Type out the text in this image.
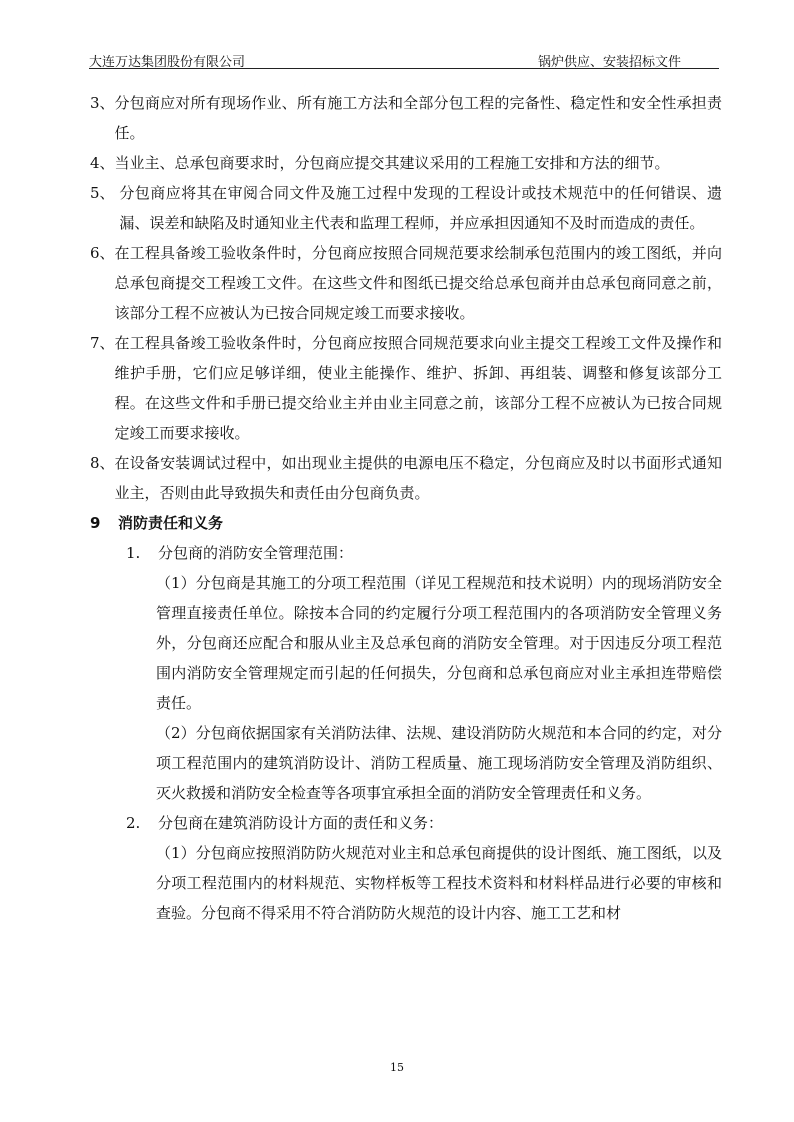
大连万达集团股份有限公司	锅炉供应、安装招标文件
3、 分包商应对所有现场作业、所有施工方法和全部分包工程的完备性、稳定性和安全性承担责任。
4、 当业主、总承包商要求时，分包商应提交其建议采用的工程施工安排和方法的细节。
5、 分包商应将其在审阅合同文件及施工过程中发现的工程设计或技术规范中的任何错误、遗漏、误差和缺陷及时通知业主代表和监理工程师，并应承担因通知不及时而造成的责任。
6、 在工程具备竣工验收条件时，分包商应按照合同规范要求绘制承包范围内的竣工图纸，并向总承包商提交工程竣工文件。在这些文件和图纸已提交给总承包商并由总承包商同意之前，该部分工程不应被认为已按合同规定竣工而要求接收。
7、 在工程具备竣工验收条件时，分包商应按照合同规范要求向业主提交工程竣工文件及操作和维护手册，它们应足够详细，使业主能操作、维护、拆卸、再组装、调整和修复该部分工程。在这些文件和手册已提交给业主并由业主同意之前，该部分工程不应被认为已按合同规定竣工而要求接收。
8、 在设备安装调试过程中，如出现业主提供的电源电压不稳定，分包商应及时以书面形式通知业主，否则由此导致损失和责任由分包商负责。
9 消防责任和义务
1.	分包商的消防安全管理范围：

（1）分包商是其施工的分项工程范围（详见工程规范和技术说明）内的现场消防安全管理直接责任单位。除按本合同的约定履行分项工程范围内的各项消防安全管理义务外，分包商还应配合和服从业主及总承包商的消防安全管理。对于因违反分项工程范围内消防安全管理规定而引起的任何损失，分包商和总承包商应对业主承担连带赔偿责任。

（2）分包商依据国家有关消防法律、法规、建设消防防火规范和本合同的约定，对分项工程范围内的建筑消防设计、消防工程质量、施工现场消防安全管理及消防组织、灭火救援和消防安全检查等各项事宜承担全面的消防安全管理责任和义务。

2.	分包商在建筑消防设计方面的责任和义务：

（1）分包商应按照消防防火规范对业主和总承包商提供的设计图纸、施工图纸，以及分项工程范围内的材料规范、实物样板等工程技术资料和材料样品进行必要的审核和查验。分包商不得采用不符合消防防火规范的设计内容、施工工艺和材

15
